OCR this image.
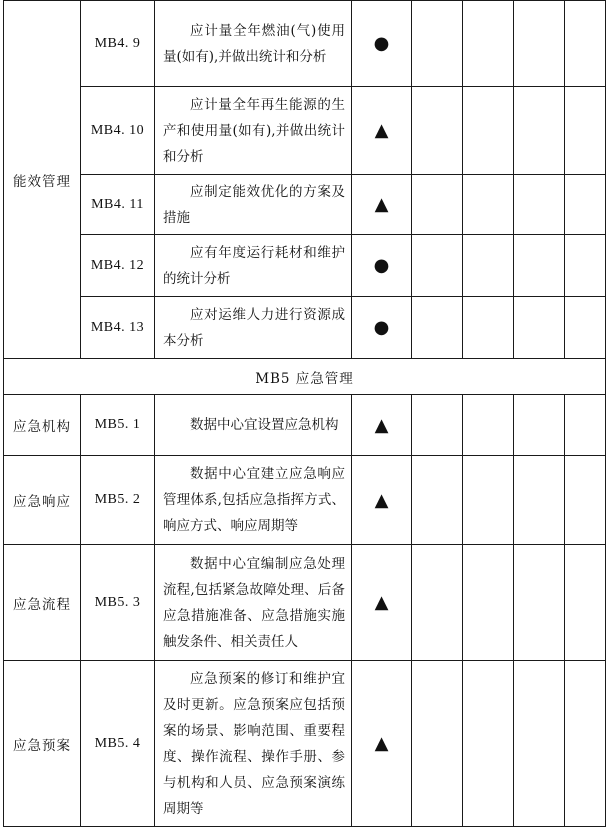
能效管理	MB4. 9	应计量全年燃油(气)使用量(如有),并做出统计和分析	●				
	MB4. 10	应计量全年再生能源的生产和使用量(如有),并做出统计和分析	▲				
	MB4. 11	应制定能效优化的方案及措施	▲				
	MB4. 12	应有年度运行耗材和维护的统计分析	●				
	MB4. 13	应对运维人力进行资源成本分析	●				
MB5 应急管理							
应急机构	MB5. 1	数据中心宜设置应急机构	▲				
应急响应	MB5. 2	数据中心宜建立应急响应管理体系,包括应急指挥方式、响应方式、响应周期等	▲				
应急流程	MB5. 3	数据中心宜编制应急处理流程,包括紧急故障处理、后备应急措施准备、应急措施实施触发条件、相关责任人	▲				
应急预案	MB5. 4	应急预案的修订和维护宜及时更新。应急预案应包括预案的场景、影响范围、重要程度、操作流程、操作手册、参与机构和人员、应急预案演练周期等	▲				
